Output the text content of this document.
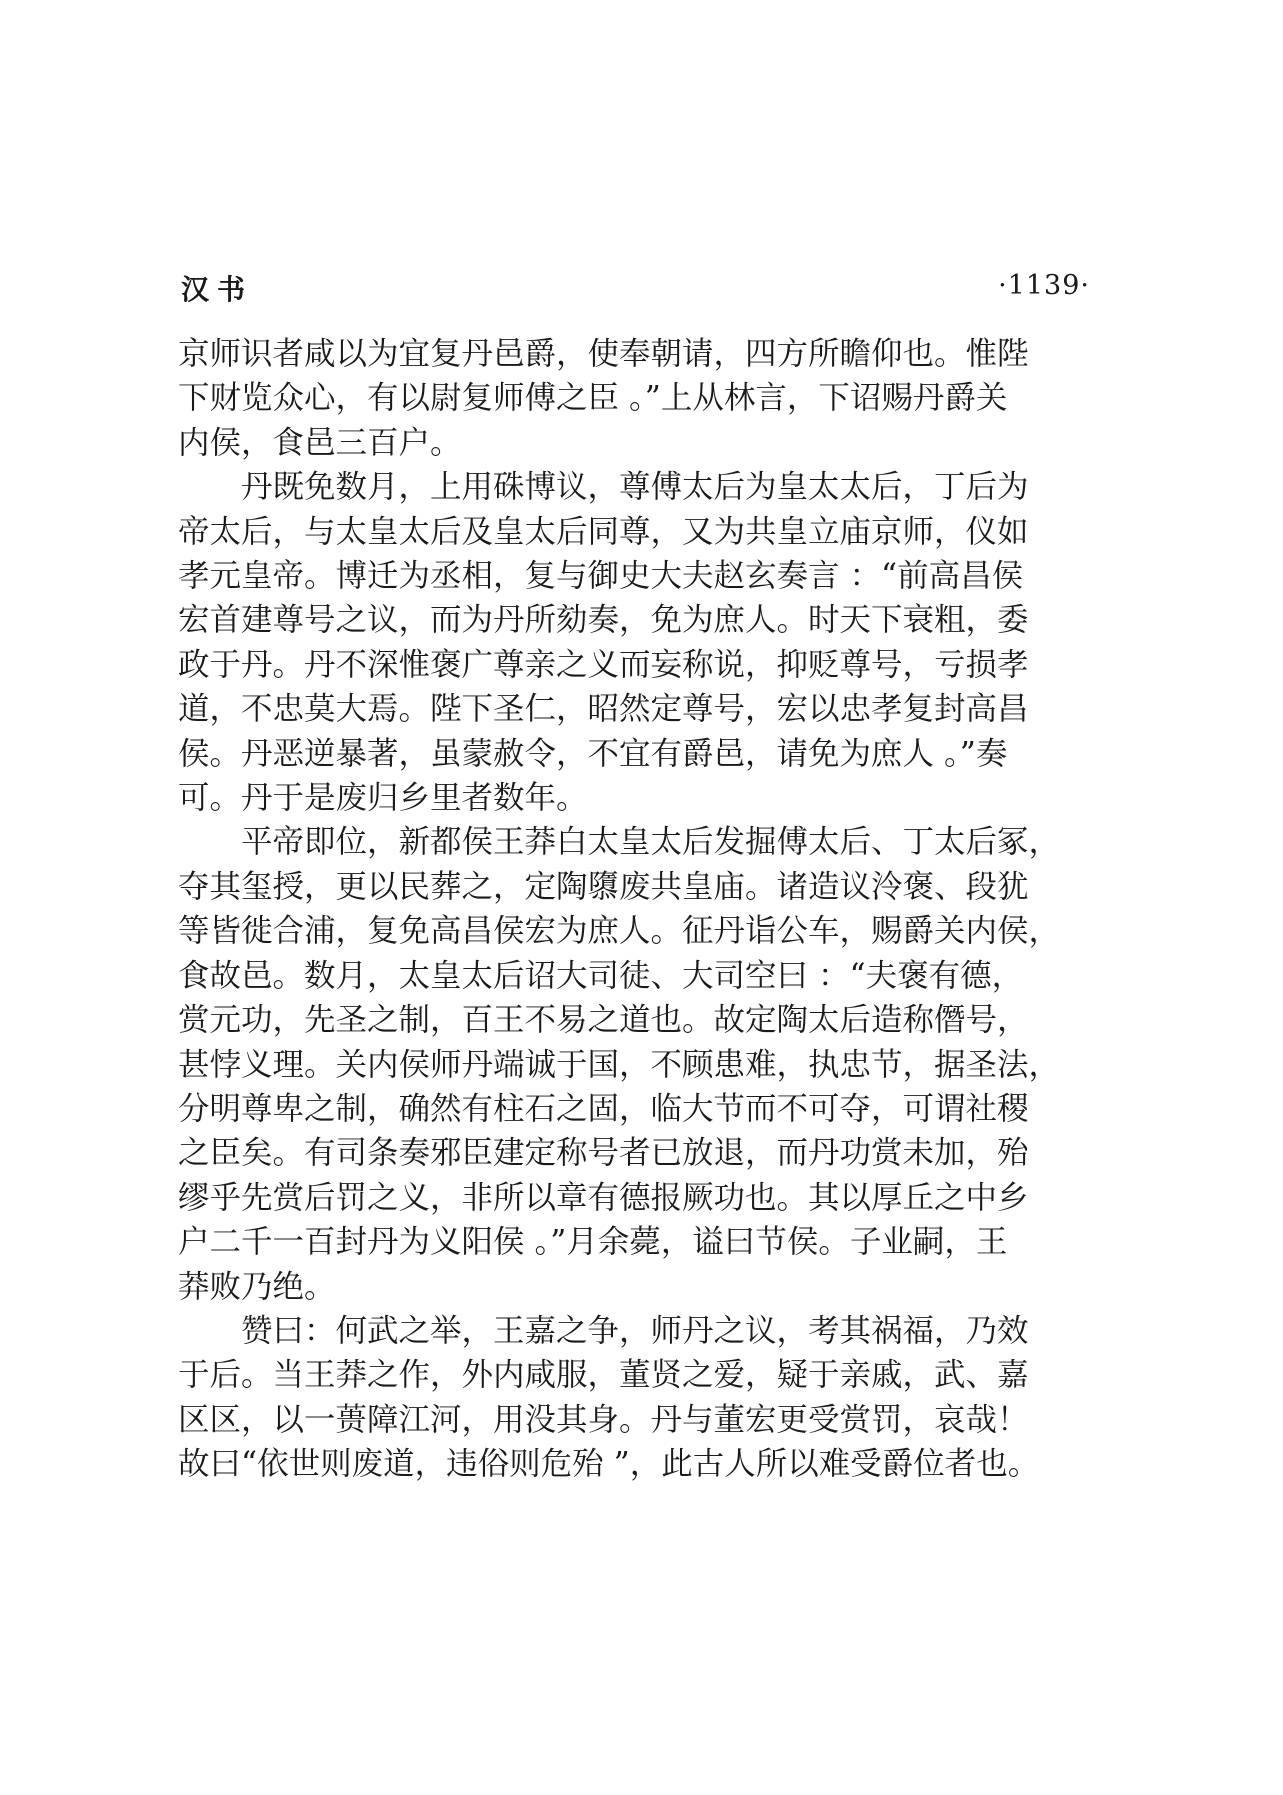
汉书	·1139·
京师识者咸以为宜复丹邑爵，使奉朝请，四方所瞻仰也。惟陛
下财览众心，有以尉复师傅之臣 。”上从林言，下诏赐丹爵关
内侯，食邑三百户。
丹既免数月，上用硃博议，尊傅太后为皇太太后，丁后为
帝太后，与太皇太后及皇太后同尊，又为共皇立庙京师，仪如
孝元皇帝。博迁为丞相，复与御史大夫赵玄奏言 ：“前高昌侯
宏首建尊号之议，而为丹所劾奏，免为庶人。时天下衰粗，委
政于丹。丹不深惟褒广尊亲之义而妄称说，抑贬尊号，亏损孝
道，不忠莫大焉。陛下圣仁，昭然定尊号，宏以忠孝复封高昌
侯。丹恶逆暴著，虽蒙赦令，不宜有爵邑，请免为庶人 。”奏
可。丹于是废归乡里者数年。
平帝即位，新都侯王莽白太皇太后发掘傅太后、丁太后冢，
夺其玺授，更以民葬之，定陶隳废共皇庙。诸造议泠褒、段犹
等皆徙合浦，复免高昌侯宏为庶人。征丹诣公车，赐爵关内侯，
食故邑。数月，太皇太后诏大司徒、大司空曰 ：“夫褒有德，
赏元功，先圣之制，百王不易之道也。故定陶太后造称僭号，
甚悖义理。关内侯师丹端诚于国，不顾患难，执忠节，据圣法，
分明尊卑之制，确然有柱石之固，临大节而不可夺，可谓社稷
之臣矣。有司条奏邪臣建定称号者已放退，而丹功赏未加，殆
缪乎先赏后罚之义，非所以章有德报厥功也。其以厚丘之中乡
户二千一百封丹为义阳侯 。”月余薨，谥曰节侯。子业嗣，王
莽败乃绝。
赞曰：何武之举，王嘉之争，师丹之议，考其祸福，乃效
于后。当王莽之作，外内咸服，董贤之爱，疑于亲戚，武、嘉
区区，以一蒉障江河，用没其身。丹与董宏更受赏罚，哀哉！
故曰“依世则废道，违俗则危殆 ”，此古人所以难受爵位者也。
